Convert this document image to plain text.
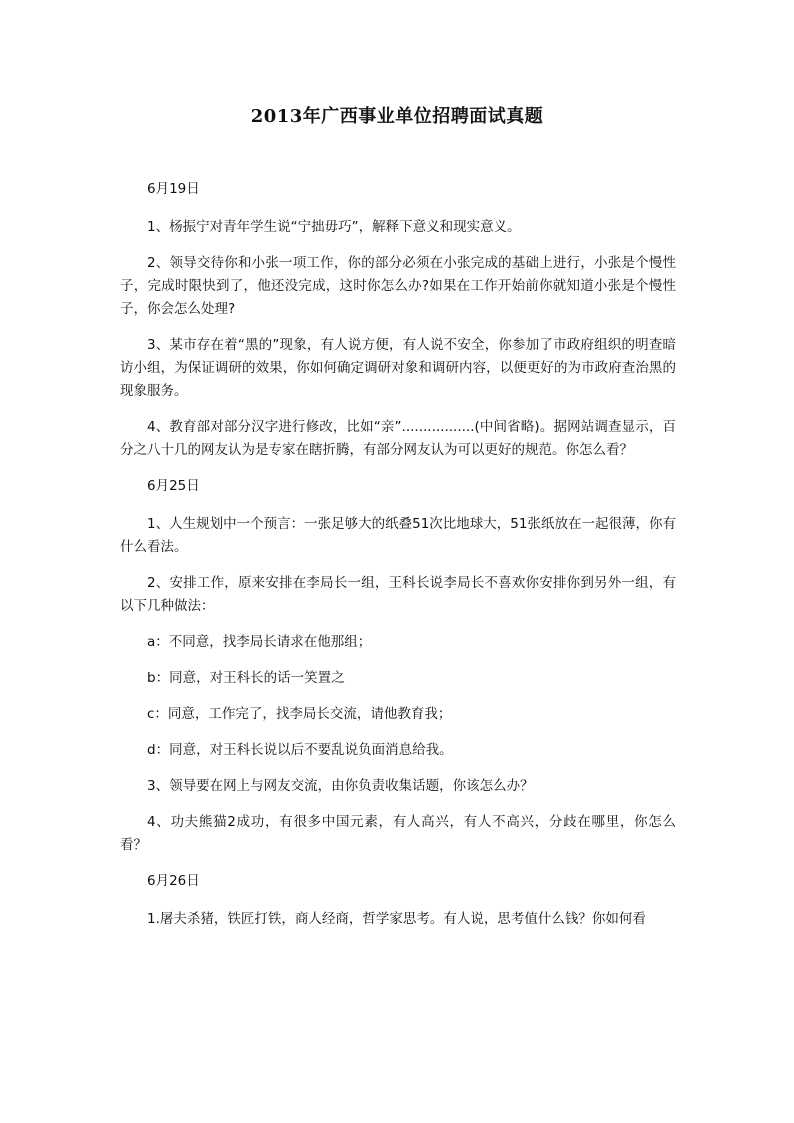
2013年广西事业单位招聘面试真题
6月19日
1、杨振宁对青年学生说“宁拙毋巧”，解释下意义和现实意义。
2、领导交待你和小张一项工作，你的部分必须在小张完成的基础上进行，小张是个慢性子，完成时限快到了，他还没完成，这时你怎么办?如果在工作开始前你就知道小张是个慢性子，你会怎么处理?
3、某市存在着“黑的”现象，有人说方便，有人说不安全，你参加了市政府组织的明查暗访小组，为保证调研的效果，你如何确定调研对象和调研内容，以便更好的为市政府查治黑的现象服务。
4、教育部对部分汉字进行修改，比如“亲”.................(中间省略)。据网站调查显示，百分之八十几的网友认为是专家在瞎折腾，有部分网友认为可以更好的规范。你怎么看？
6月25日
1、人生规划中一个预言：一张足够大的纸叠51次比地球大，51张纸放在一起很薄，你有什么看法。
2、安排工作，原来安排在李局长一组，王科长说李局长不喜欢你安排你到另外一组，有以下几种做法：
a：不同意，找李局长请求在他那组；
b：同意，对王科长的话一笑置之
c：同意，工作完了，找李局长交流，请他教育我；
d：同意，对王科长说以后不要乱说负面消息给我。
3、领导要在网上与网友交流，由你负责收集话题，你该怎么办？
4、功夫熊猫2成功，有很多中国元素，有人高兴，有人不高兴，分歧在哪里，你怎么看？
6月26日
1.屠夫杀猪，铁匠打铁，商人经商，哲学家思考。有人说，思考值什么钱？你如何看
